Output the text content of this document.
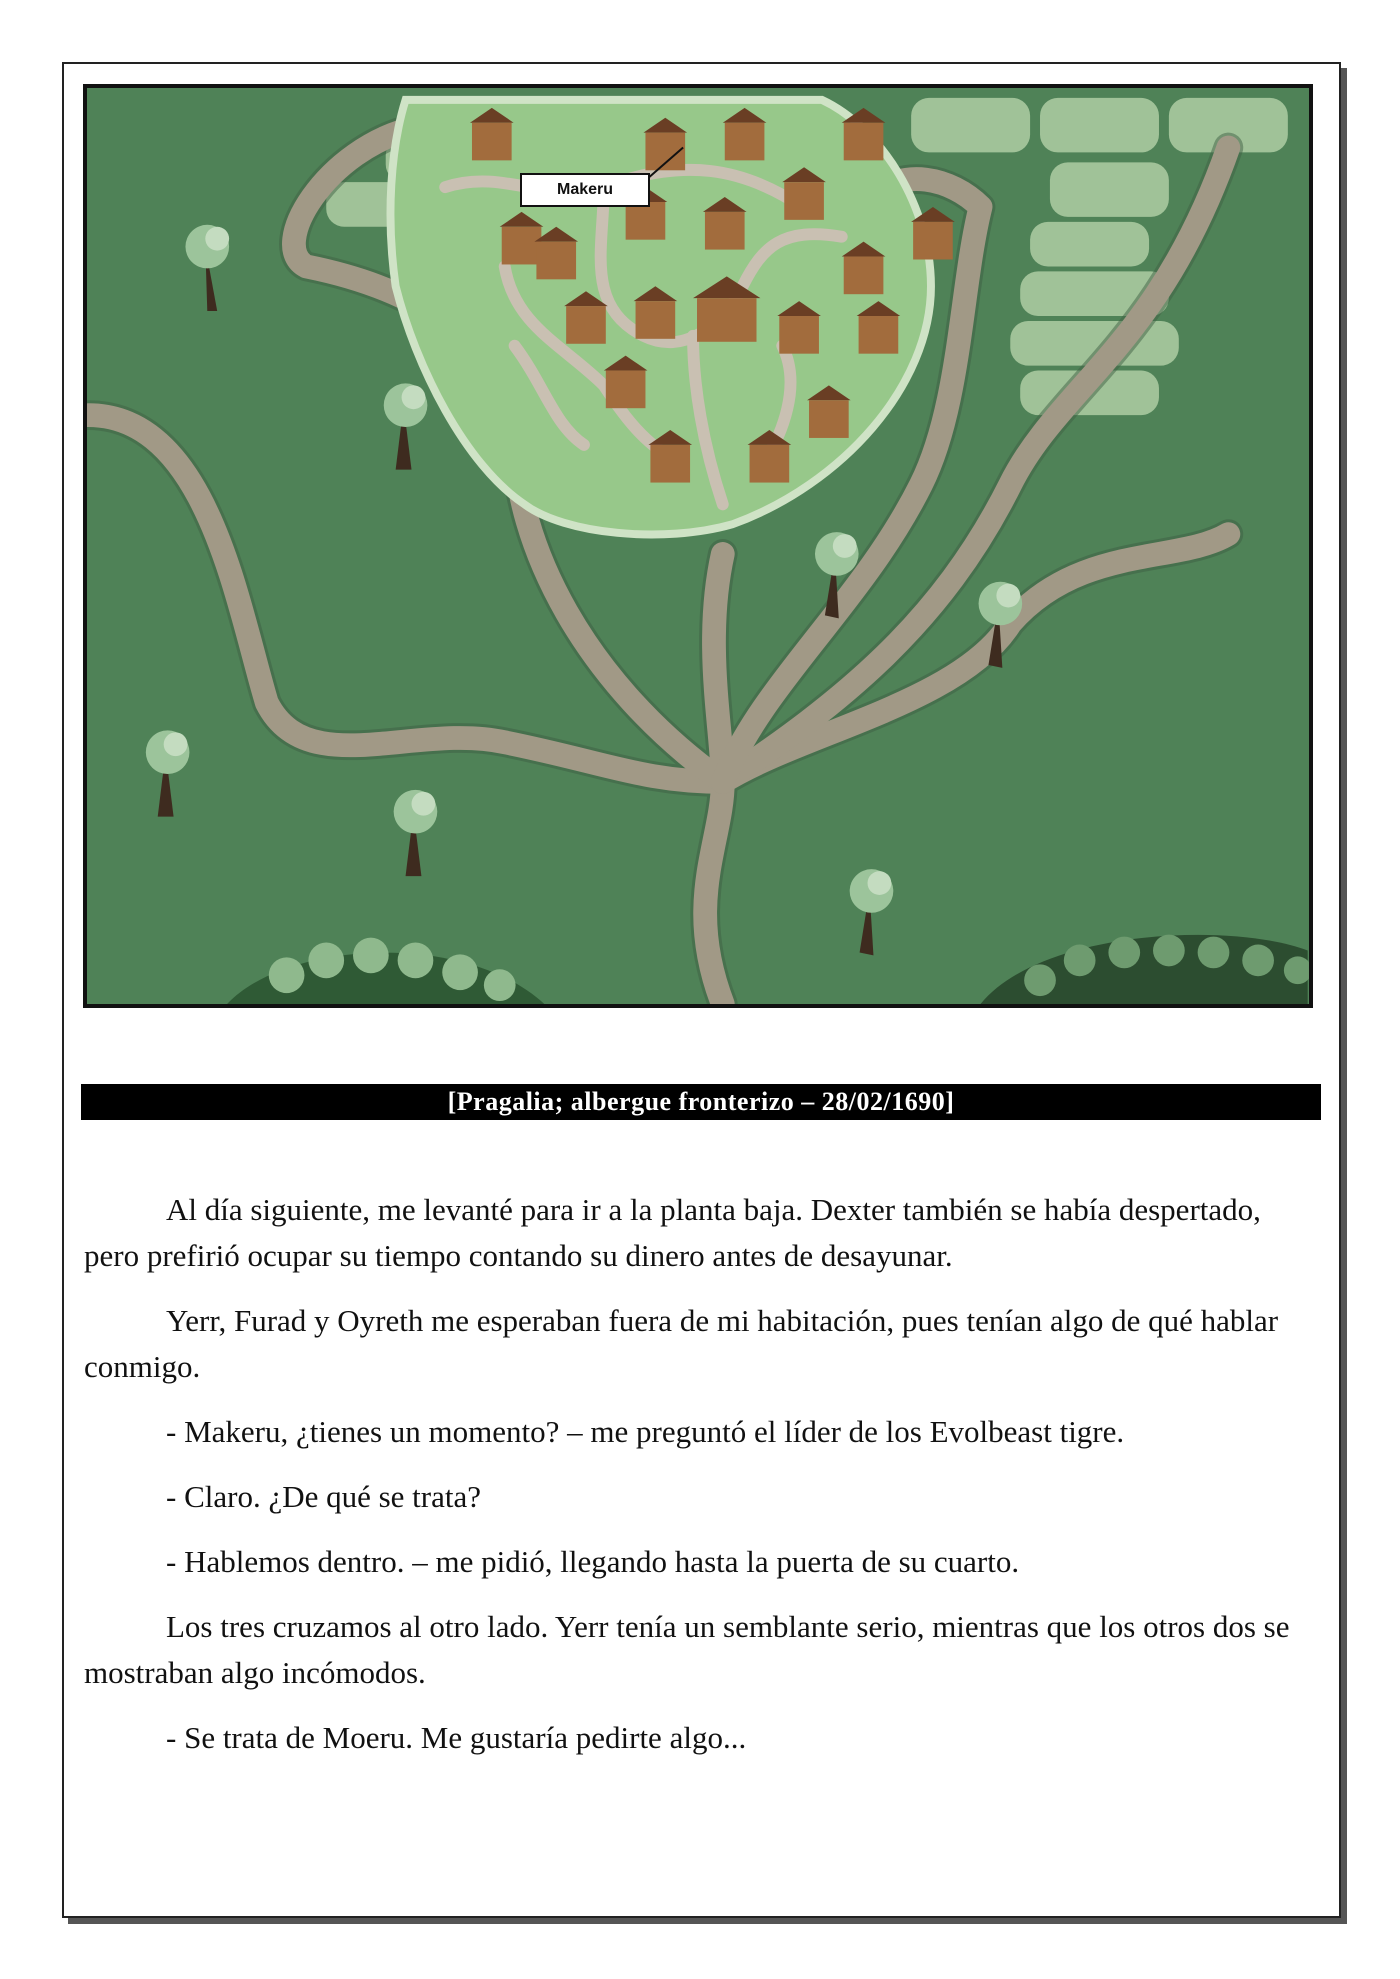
Makeru
[Pragalia; albergue fronterizo – 28/02/1690]

Al día siguiente, me levanté para ir a la planta baja. Dexter también se había despertado, pero prefirió ocupar su tiempo contando su dinero antes de desayunar.

Yerr, Furad y Oyreth me esperaban fuera de mi habitación, pues tenían algo de qué hablar conmigo.

- Makeru, ¿tienes un momento? – me preguntó el líder de los Evolbeast tigre.

- Claro. ¿De qué se trata?

- Hablemos dentro. – me pidió, llegando hasta la puerta de su cuarto.

Los tres cruzamos al otro lado. Yerr tenía un semblante serio, mientras que los otros dos se mostraban algo incómodos.

- Se trata de Moeru. Me gustaría pedirte algo...
